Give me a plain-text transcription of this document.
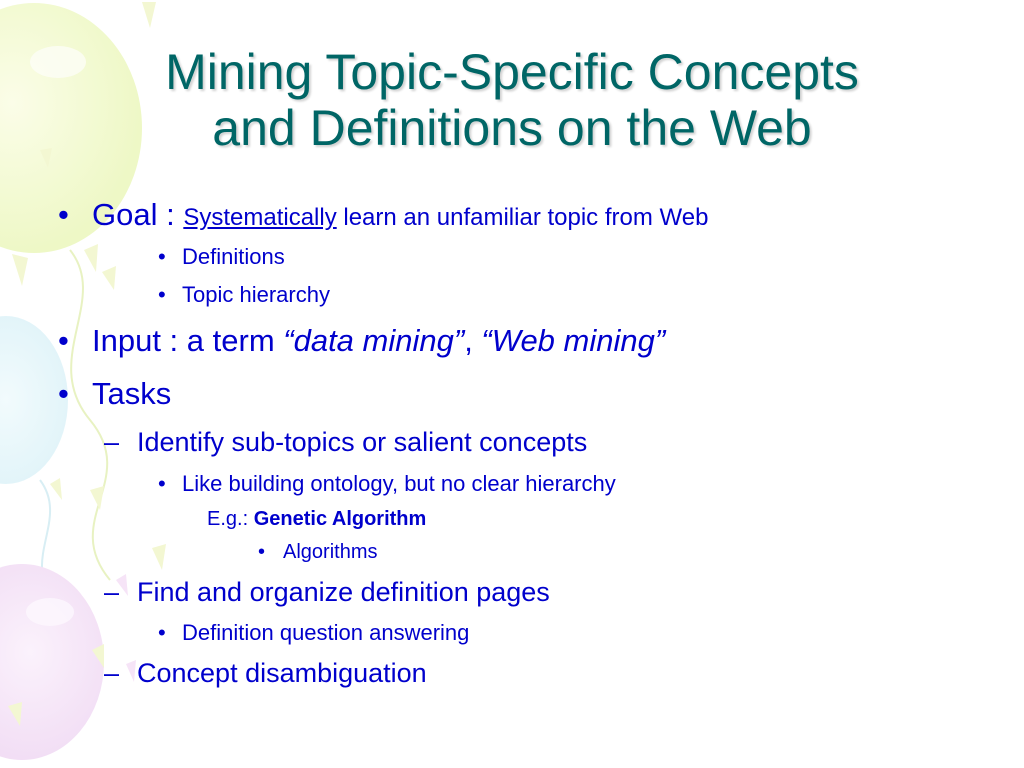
Mining Topic-Specific Concepts
and Definitions on the Web
• Goal : Systematically learn an unfamiliar topic from Web
• Definitions
• Topic hierarchy
• Input : a term “data mining”, “Web mining”
• Tasks
– Identify sub-topics or salient concepts
• Like building ontology, but no clear hierarchy
E.g.: Genetic Algorithm
• Algorithms
– Find and organize definition pages
• Definition question answering
– Concept disambiguation
